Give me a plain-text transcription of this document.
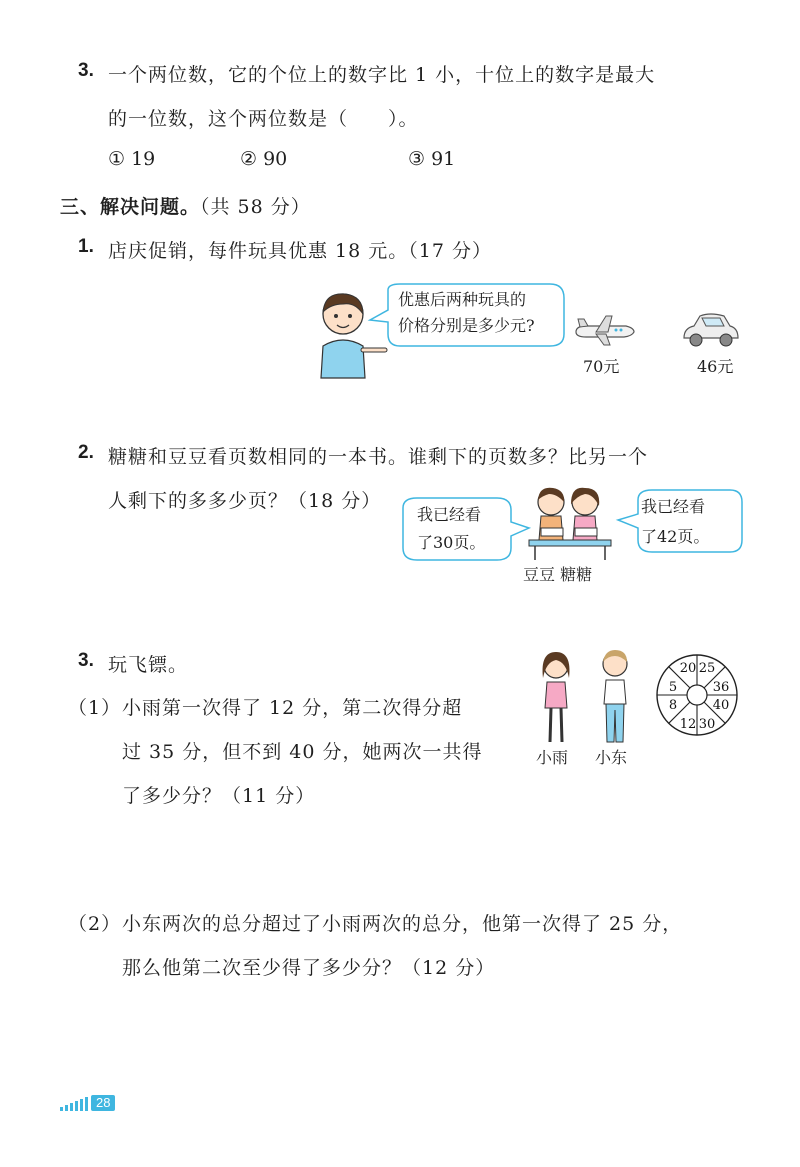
3. 一个两位数，它的个位上的数字比 1 小，十位上的数字是最大
的一位数，这个两位数是（　　）。
① 19	② 90	③ 91
三、解决问题。（共 58 分）
1. 店庆促销，每件玩具优惠 18 元。（17 分）
优惠后两种玩具的
价格分别是多少元?
70元	46元
2. 糖糖和豆豆看页数相同的一本书。谁剩下的页数多？比另一个
人剩下的多多少页？（18 分）
我已经看
了30页。
豆豆 糖糖
我已经看
了42页。
3. 玩飞镖。
（1） 小雨第一次得了 12 分，第二次得分超
过 35 分，但不到 40 分，她两次一共得
了多少分？（11 分）
小雨 小东
20 25
36
40
30
12
8
5
（2） 小东两次的总分超过了小雨两次的总分，他第一次得了 25 分，
那么他第二次至少得了多少分？（12 分）
28
